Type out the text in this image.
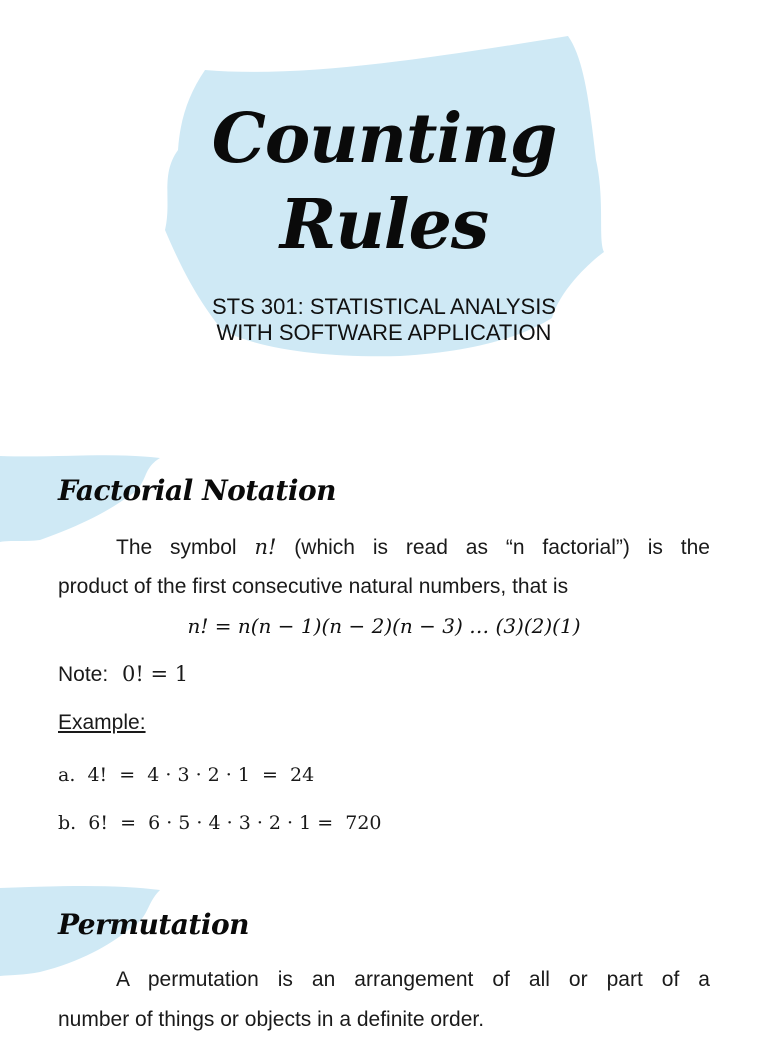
Counting
Rules
STS 301: STATISTICAL ANALYSIS
WITH SOFTWARE APPLICATION
Factorial Notation
The symbol n! (which is read as “n factorial”) is the
product of the first consecutive natural numbers, that is
n! = n(n − 1)(n − 2)(n − 3) … (3)(2)(1)
Note: 0! = 1
Example:
a.  4!  =  4 · 3 · 2 · 1  =  24
b.  6!  =  6 · 5 · 4 · 3 · 2 · 1 =  720
Permutation
A permutation is an arrangement of all or part of a
number of things or objects in a definite order.
